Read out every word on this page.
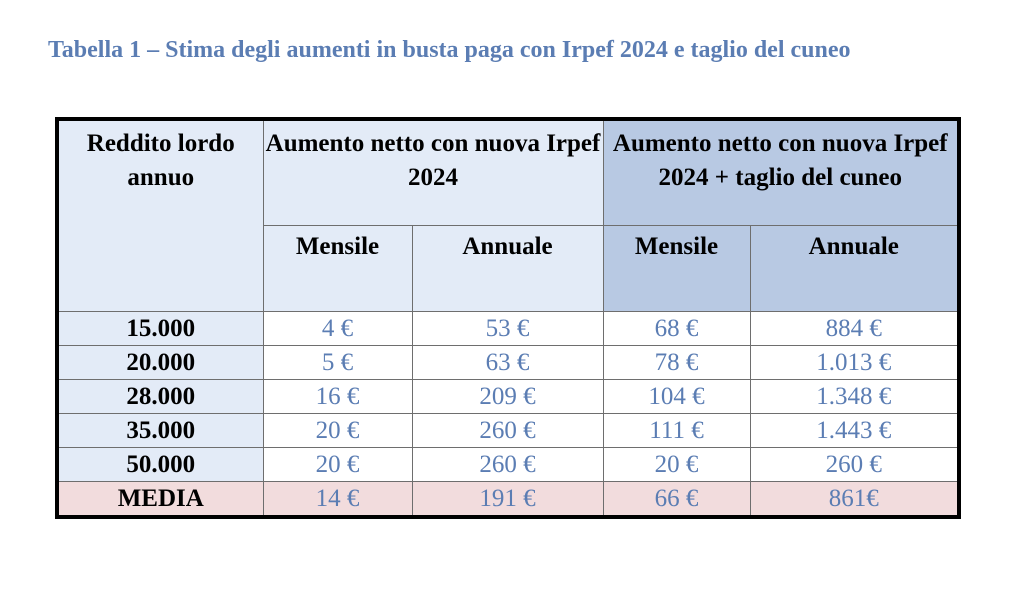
Tabella 1 – Stima degli aumenti in busta paga con Irpef 2024 e taglio del cuneo
Reddito lordo annuo	Aumento netto con nuova Irpef 2024		Aumento netto con nuova Irpef 2024 + taglio del cuneo	
	Mensile	Annuale	Mensile	Annuale
15.000	4 €	53 €	68 €	884 €
20.000	5 €	63 €	78 €	1.013 €
28.000	16 €	209 €	104 €	1.348 €
35.000	20 €	260 €	111 €	1.443 €
50.000	20 €	260 €	20 €	260 €
MEDIA	14 €	191 €	66 €	861€
